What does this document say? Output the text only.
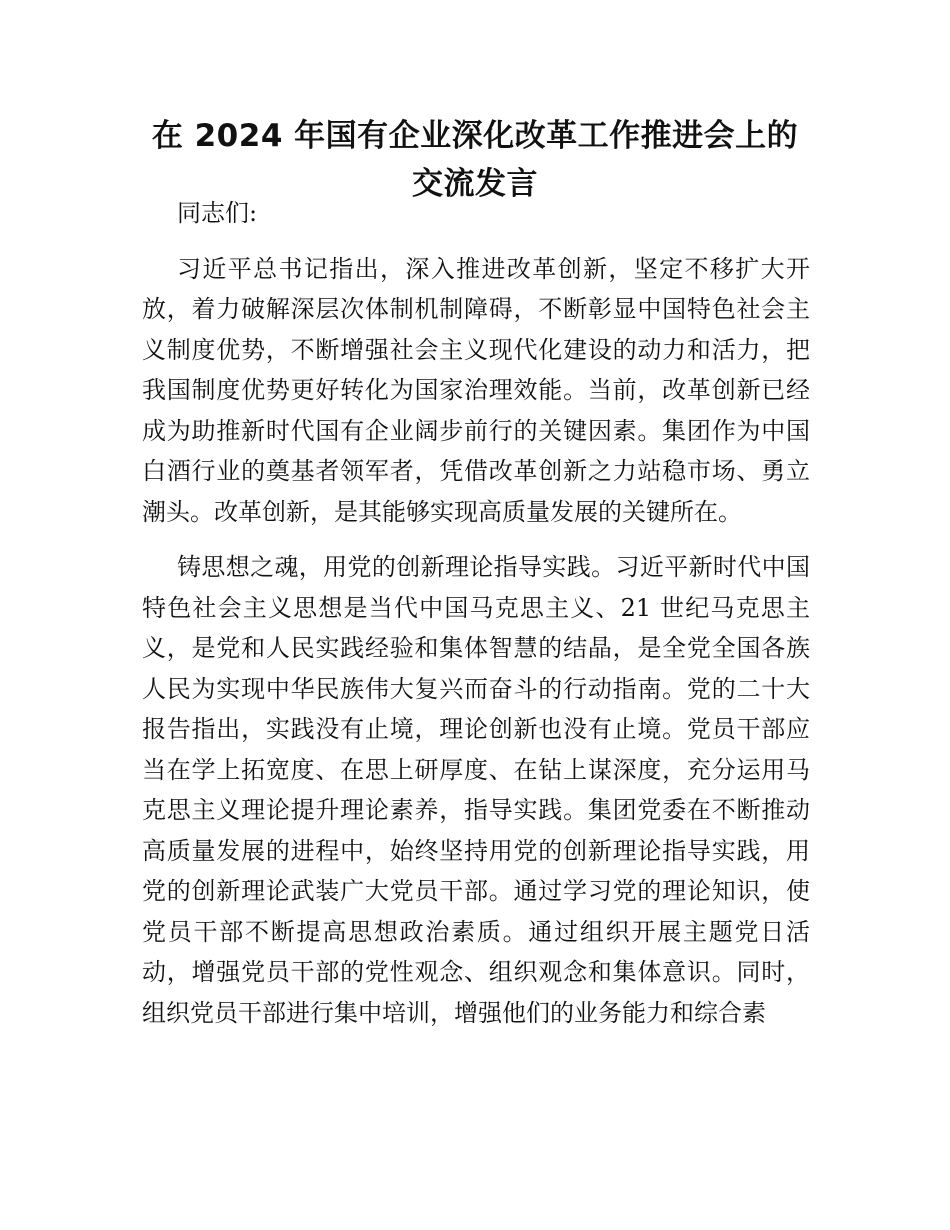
在 2024 年国有企业深化改革工作推进会上的交流发言

同志们:

习近平总书记指出，深入推进改革创新，坚定不移扩大开放，着力破解深层次体制机制障碍，不断彰显中国特色社会主义制度优势，不断增强社会主义现代化建设的动力和活力，把我国制度优势更好转化为国家治理效能。当前，改革创新已经成为助推新时代国有企业阔步前行的关键因素。集团作为中国白酒行业的奠基者领军者，凭借改革创新之力站稳市场、勇立潮头。改革创新，是其能够实现高质量发展的关键所在。

铸思想之魂，用党的创新理论指导实践。习近平新时代中国特色社会主义思想是当代中国马克思主义、21 世纪马克思主义，是党和人民实践经验和集体智慧的结晶，是全党全国各族人民为实现中华民族伟大复兴而奋斗的行动指南。党的二十大报告指出，实践没有止境，理论创新也没有止境。党员干部应当在学上拓宽度、在思上研厚度、在钻上谋深度，充分运用马克思主义理论提升理论素养，指导实践。集团党委在不断推动高质量发展的进程中，始终坚持用党的创新理论指导实践，用党的创新理论武装广大党员干部。通过学习党的理论知识，使党员干部不断提高思想政治素质。通过组织开展主题党日活动，增强党员干部的党性观念、组织观念和集体意识。同时，组织党员干部进行集中培训，增强他们的业务能力和综合素
